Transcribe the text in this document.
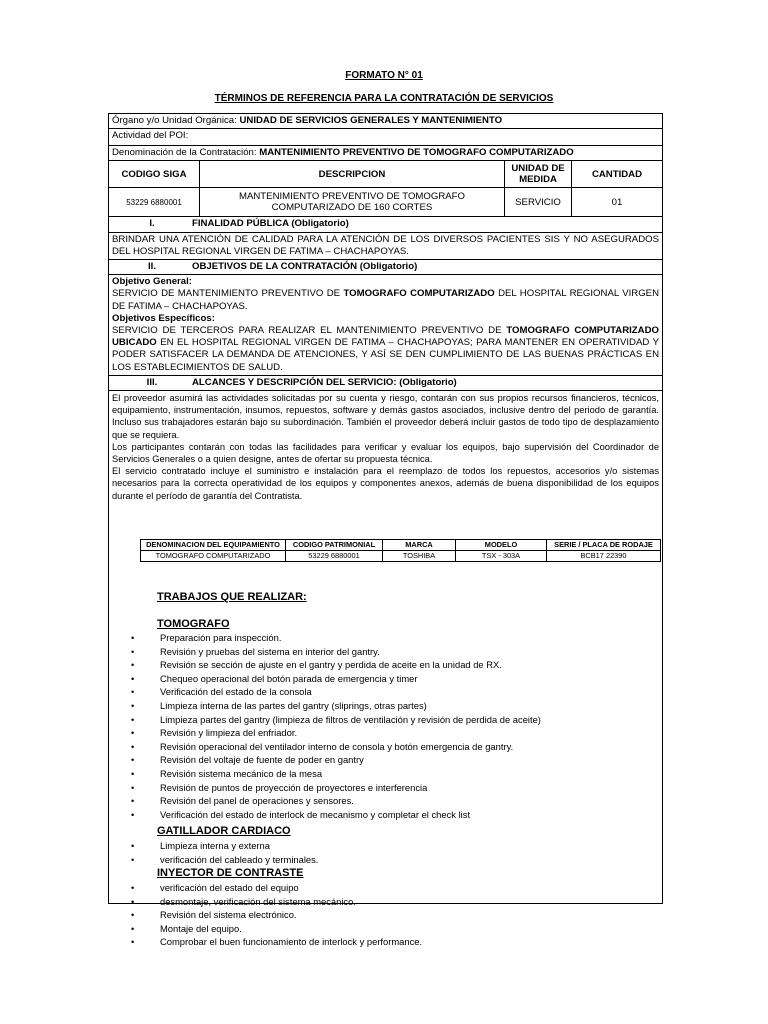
FORMATO N° 01
TÉRMINOS DE REFERENCIA PARA LA CONTRATACIÓN DE SERVICIOS
Órgano y/o Unidad Orgánica: UNIDAD DE SERVICIOS GENERALES Y MANTENIMIENTO
Actividad del POI:
Denominación de la Contratación: MANTENIMIENTO PREVENTIVO DE TOMOGRAFO COMPUTARIZADO
CODIGO SIGA	DESCRIPCION	UNIDAD DE MEDIDA	CANTIDAD
53229 6880001	MANTENIMIENTO PREVENTIVO DE TOMOGRAFO COMPUTARIZADO DE 160 CORTES	SERVICIO	01
I.	FINALIDAD PÚBLICA (Obligatorio)
BRINDAR UNA ATENCIÓN DE CALIDAD PARA LA ATENCIÓN DE LOS DIVERSOS PACIENTES SIS Y NO ASEGURADOS DEL HOSPITAL REGIONAL VIRGEN DE FATIMA – CHACHAPOYAS.
II.	OBJETIVOS DE LA CONTRATACIÓN (Obligatorio)
Objetivo General:
SERVICIO DE MANTENIMIENTO PREVENTIVO DE TOMOGRAFO COMPUTARIZADO DEL HOSPITAL REGIONAL VIRGEN DE FATIMA – CHACHAPOYAS.
Objetivos Específicos:
SERVICIO DE TERCEROS PARA REALIZAR EL MANTENIMIENTO PREVENTIVO DE TOMOGRAFO COMPUTARIZADO UBICADO EN EL HOSPITAL REGIONAL VIRGEN DE FATIMA – CHACHAPOYAS; PARA MANTENER EN OPERATIVIDAD Y PODER SATISFACER LA DEMANDA DE ATENCIONES, Y ASÍ SE DEN CUMPLIMIENTO DE LAS BUENAS PRÁCTICAS EN LOS ESTABLECIMIENTOS DE SALUD.
III.	ALCANCES Y DESCRIPCIÓN DEL SERVICIO: (Obligatorio)
El proveedor asumirá las actividades solicitadas por su cuenta y riesgo, contarán con sus propios recursos financieros, técnicos, equipamiento, instrumentación, insumos, repuestos, software y demás gastos asociados, inclusive dentro del periodo de garantía. Incluso sus trabajadores estarán bajo su subordinación. También el proveedor deberá incluir gastos de todo tipo de desplazamiento que se requiera.
Los participantes contarán con todas las facilidades para verificar y evaluar los equipos, bajo supervisión del Coordinador de Servicios Generales o a quien designe, antes de ofertar su propuesta técnica.
El servicio contratado incluye el suministro e instalación para el reemplazo de todos los repuestos, accesorios y/o sistemas necesarios para la correcta operatividad de los equipos y componentes anexos, además de buena disponibilidad de los equipos durante el período de garantía del Contratista.
DENOMINACION DEL EQUIPAMIENTO	CODIGO PATRIMONIAL	MARCA	MODELO	SERIE / PLACA DE RODAJE
TOMOGRAFO COMPUTARIZADO	53229 6880001	TOSHIBA	TSX - 303A	BCB17 22390
TRABAJOS QUE REALIZAR:
TOMOGRAFO
•	Preparación para inspección.
•	Revisión y pruebas del sistema en interior del gantry.
•	Revisión se sección de ajuste en el gantry y perdida de aceite en la unidad de RX.
•	Chequeo operacional del botón parada de emergencia y timer
•	Verificación del estado de la consola
•	Limpieza interna de las partes del gantry (sliprings, otras partes)
•	Limpieza partes del gantry (limpieza de filtros de ventilación y revisión de perdida de aceite)
•	Revisión y limpieza del enfriador.
•	Revisión operacional del ventilador interno de consola y botón emergencia de gantry.
•	Revisión del voltaje de fuente de poder en gantry
•	Revisión sistema mecánico de la mesa
•	Revisión de puntos de proyección de proyectores e interferencia
•	Revisión del panel de operaciones y sensores.
•	Verificación del estado de interlock de mecanismo y completar el check list
GATILLADOR CARDIACO
•	Limpieza interna y externa
•	verificación del cableado y terminales.
INYECTOR DE CONTRASTE
•	verificación del estado del equipo
•	desmontaje, verificación del sistema mecánico.
•	Revisión del sistema electrónico.
•	Montaje del equipo.
•	Comprobar el buen funcionamiento de interlock y performance.
